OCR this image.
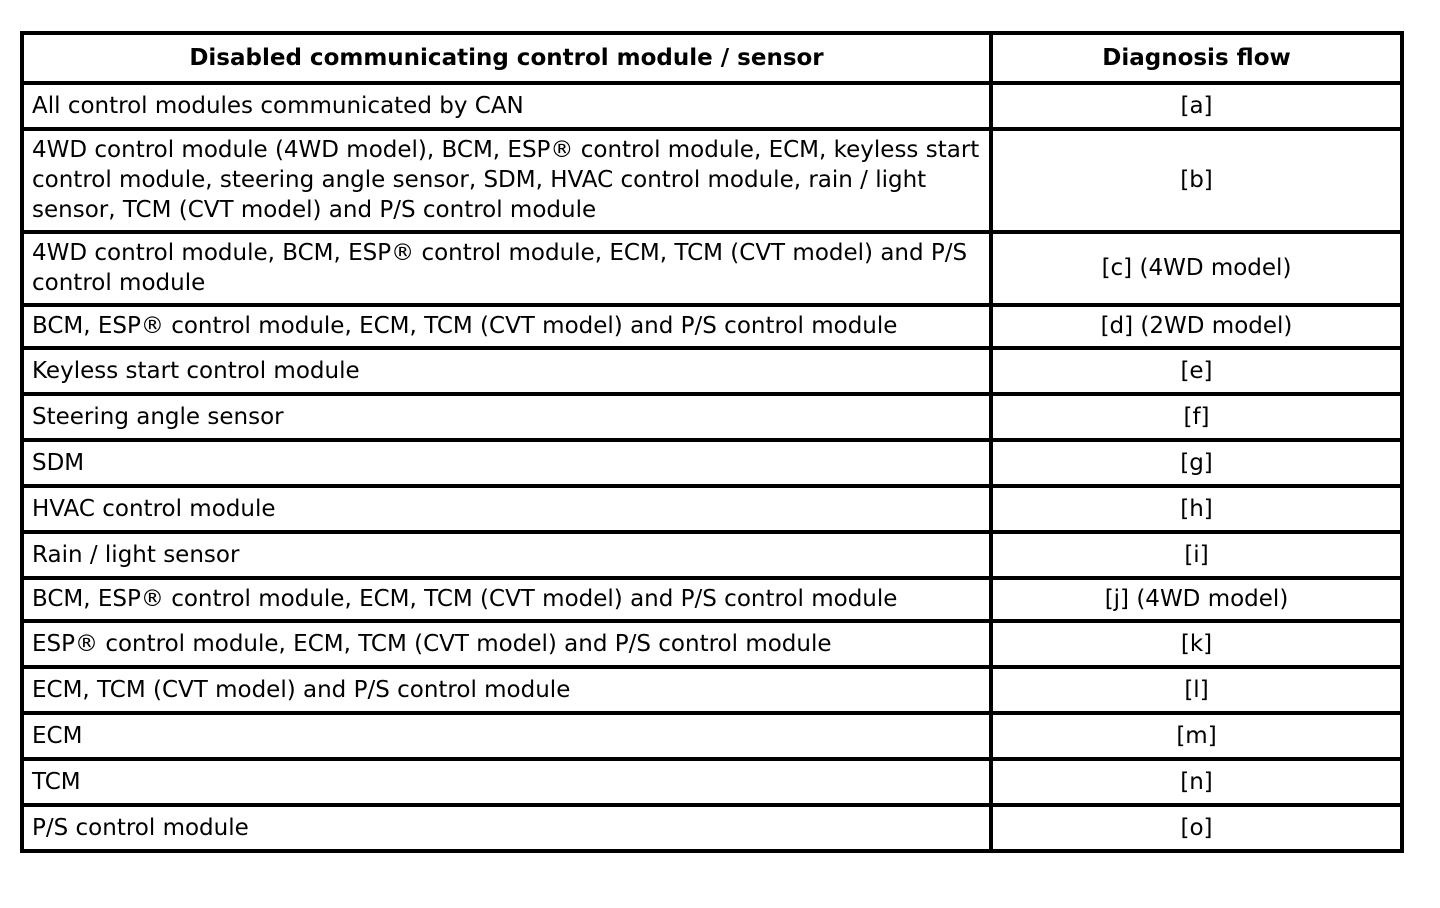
Disabled communicating control module / sensor	Diagnosis flow
All control modules communicated by CAN	[a]
4WD control module (4WD model), BCM, ESP® control module, ECM, keyless start control module, steering angle sensor, SDM, HVAC control module, rain / light sensor, TCM (CVT model) and P/S control module	[b]
4WD control module, BCM, ESP® control module, ECM, TCM (CVT model) and P/S control module	[c] (4WD model)
BCM, ESP® control module, ECM, TCM (CVT model) and P/S control module	[d] (2WD model)
Keyless start control module	[e]
Steering angle sensor	[f]
SDM	[g]
HVAC control module	[h]
Rain / light sensor	[i]
BCM, ESP® control module, ECM, TCM (CVT model) and P/S control module	[j] (4WD model)
ESP® control module, ECM, TCM (CVT model) and P/S control module	[k]
ECM, TCM (CVT model) and P/S control module	[l]
ECM	[m]
TCM	[n]
P/S control module	[o]
